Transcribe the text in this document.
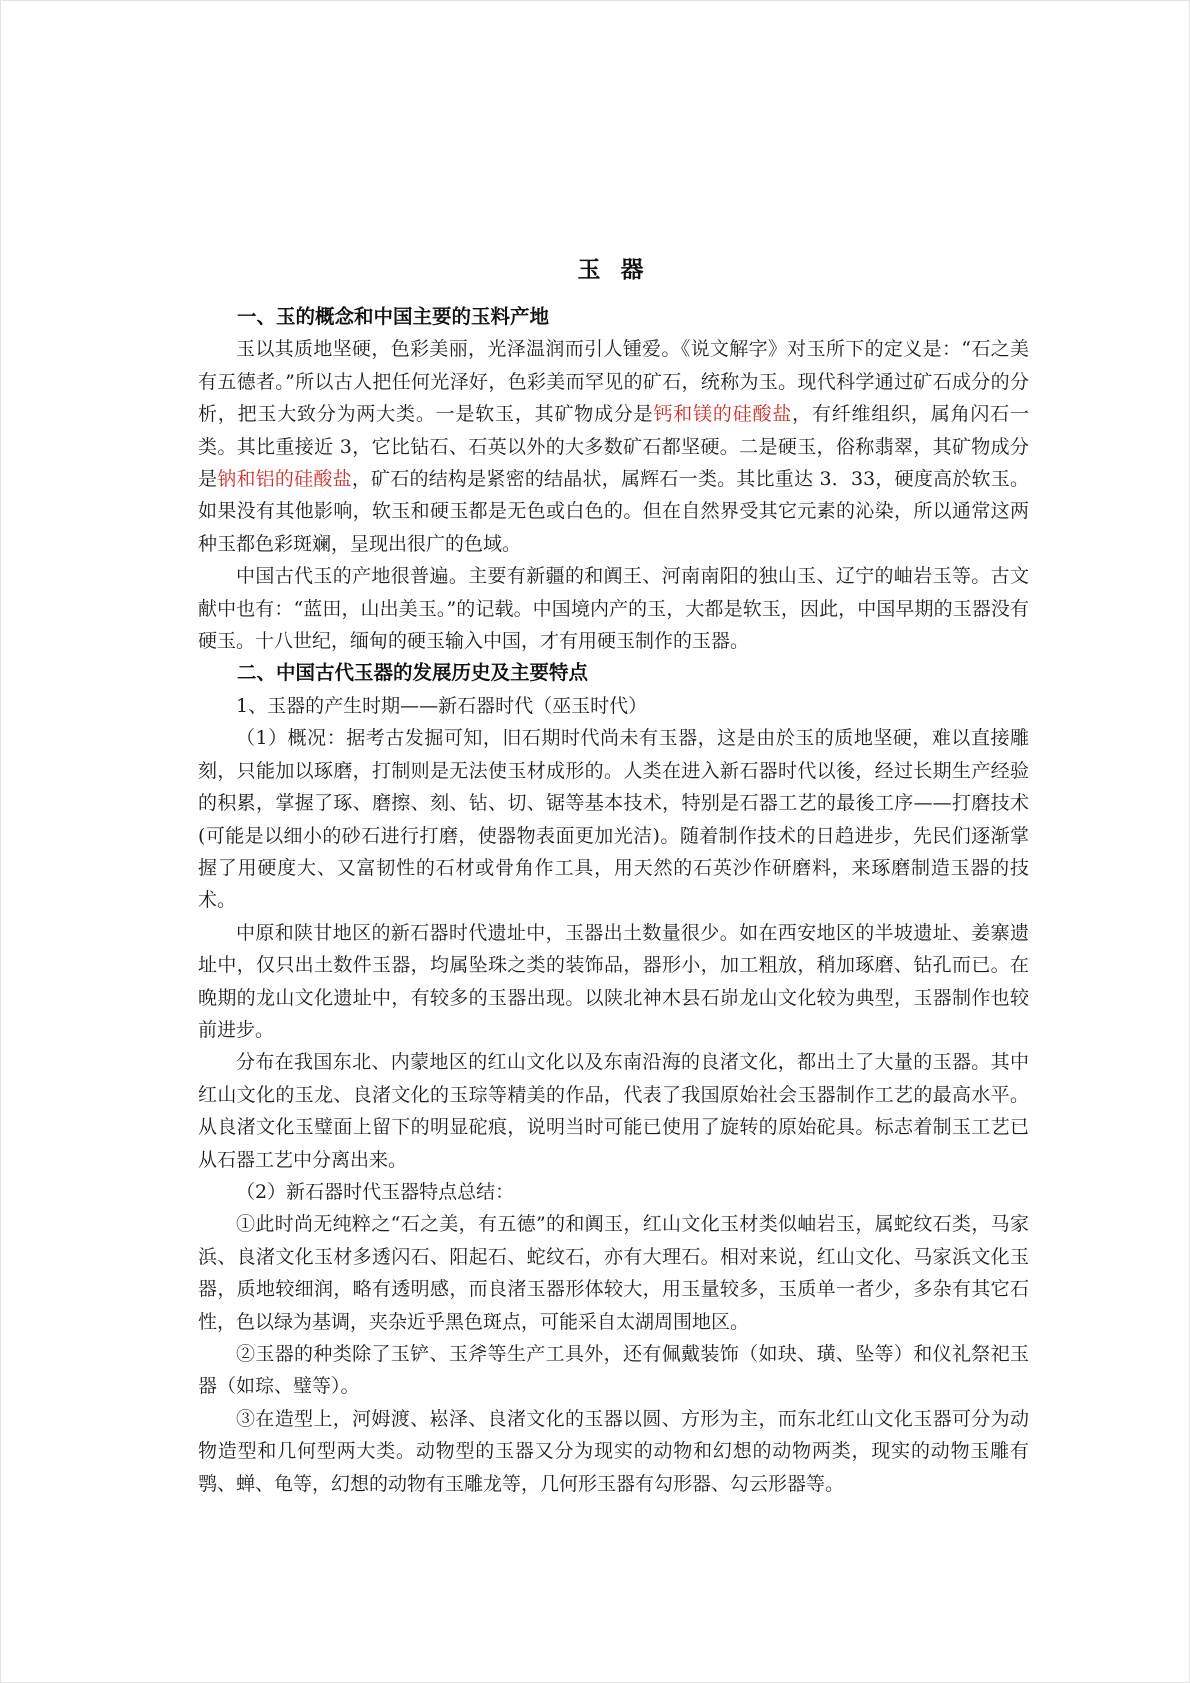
玉 器
一、玉的概念和中国主要的玉料产地

玉以其质地坚硬，色彩美丽，光泽温润而引人锺爱。《说文解字》对玉所下的定义是：“石之美有五德者。”所以古人把任何光泽好，色彩美而罕见的矿石，统称为玉。现代科学通过矿石成分的分析，把玉大致分为两大类。一是软玉，其矿物成分是钙和镁的硅酸盐，有纤维组织，属角闪石一类。其比重接近 3，它比钻石、石英以外的大多数矿石都坚硬。二是硬玉，俗称翡翠，其矿物成分是钠和铝的硅酸盐，矿石的结构是紧密的结晶状，属辉石一类。其比重达 3．33，硬度高於软玉。如果没有其他影响，软玉和硬玉都是无色或白色的。但在自然界受其它元素的沁染，所以通常这两种玉都色彩斑斓，呈现出很广的色域。

中国古代玉的产地很普遍。主要有新疆的和阗王、河南南阳的独山玉、辽宁的岫岩玉等。古文献中也有：“蓝田，山出美玉。”的记载。中国境内产的玉，大都是软玉，因此，中国早期的玉器没有硬玉。十八世纪，缅甸的硬玉输入中国，才有用硬玉制作的玉器。

二、中国古代玉器的发展历史及主要特点
1、玉器的产生时期——新石器时代（巫玉时代）

（1）概况：据考古发掘可知，旧石期时代尚未有玉器，这是由於玉的质地坚硬，难以直接雕刻，只能加以琢磨，打制则是无法使玉材成形的。人类在进入新石器时代以後，经过长期生产经验的积累，掌握了琢、磨擦、刻、钻、切、锯等基本技术，特别是石器工艺的最後工序——打磨技术(可能是以细小的砂石进行打磨，使器物表面更加光洁)。随着制作技术的日趋进步，先民们逐渐掌握了用硬度大、又富韧性的石材或骨角作工具，用天然的石英沙作研磨料，来琢磨制造玉器的技术。

中原和陕甘地区的新石器时代遗址中，玉器出土数量很少。如在西安地区的半坡遗址、姜寨遗址中，仅只出土数件玉器，均属坠珠之类的装饰品，器形小，加工粗放，稍加琢磨、钻孔而已。在晚期的龙山文化遗址中，有较多的玉器出现。以陕北神木县石峁龙山文化较为典型，玉器制作也较前进步。

分布在我国东北、内蒙地区的红山文化以及东南沿海的良渚文化，都出土了大量的玉器。其中红山文化的玉龙、良渚文化的玉琮等精美的作品，代表了我国原始社会玉器制作工艺的最高水平。从良渚文化玉璧面上留下的明显砣痕，说明当时可能已使用了旋转的原始砣具。标志着制玉工艺已从石器工艺中分离出来。

（2）新石器时代玉器特点总结：

①此时尚无纯粹之“石之美，有五德”的和阗玉，红山文化玉材类似岫岩玉，属蛇纹石类，马家浜、良渚文化玉材多透闪石、阳起石、蛇纹石，亦有大理石。相对来说，红山文化、马家浜文化玉器，质地较细润，略有透明感，而良渚玉器形体较大，用玉量较多，玉质单一者少，多杂有其它石性，色以绿为基调，夹杂近乎黑色斑点，可能采自太湖周围地区。

②玉器的种类除了玉铲、玉斧等生产工具外，还有佩戴装饰（如玦、璜、坠等）和仪礼祭祀玉器（如琮、璧等）。

③在造型上，河姆渡、崧泽、良渚文化的玉器以圆、方形为主，而东北红山文化玉器可分为动物造型和几何型两大类。动物型的玉器又分为现实的动物和幻想的动物两类，现实的动物玉雕有鹗、蝉、龟等，幻想的动物有玉雕龙等，几何形玉器有勾形器、勾云形器等。
